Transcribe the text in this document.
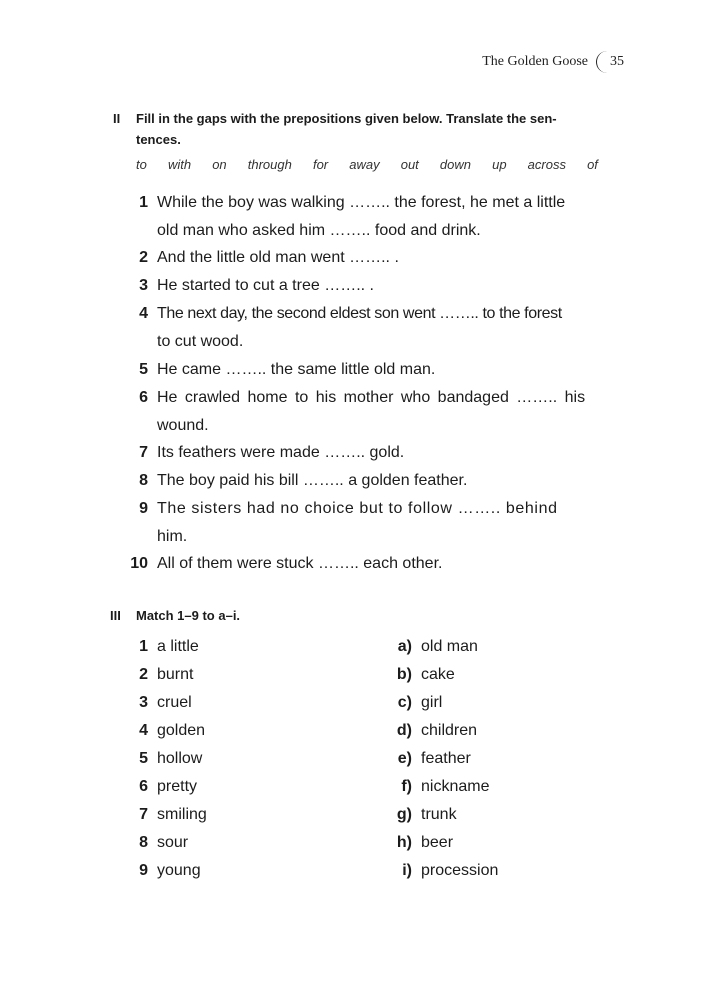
The Golden Goose 35
II Fill in the gaps with the prepositions given below. Translate the sen-
tences.
to with on through for away out down up across of
1 While the boy was walking …….. the forest, he met a little
old man who asked him …….. food and drink.
2 And the little old man went …….. .
3 He started to cut a tree …….. .
4 The next day, the second eldest son went …….. to the forest
to cut wood.
5 He came …….. the same little old man.
6 He crawled home to his mother who bandaged …….. his
wound.
7 Its feathers were made …….. gold.
8 The boy paid his bill …….. a golden feather.
9 The sisters had no choice but to follow …….. behind
him.
10 All of them were stuck …….. each other.
III Match 1–9 to a–i.
1 a little	a) old man
2 burnt	b) cake
3 cruel	c) girl
4 golden	d) children
5 hollow	e) feather
6 pretty	f) nickname
7 smiling	g) trunk
8 sour	h) beer
9 young	i) procession
